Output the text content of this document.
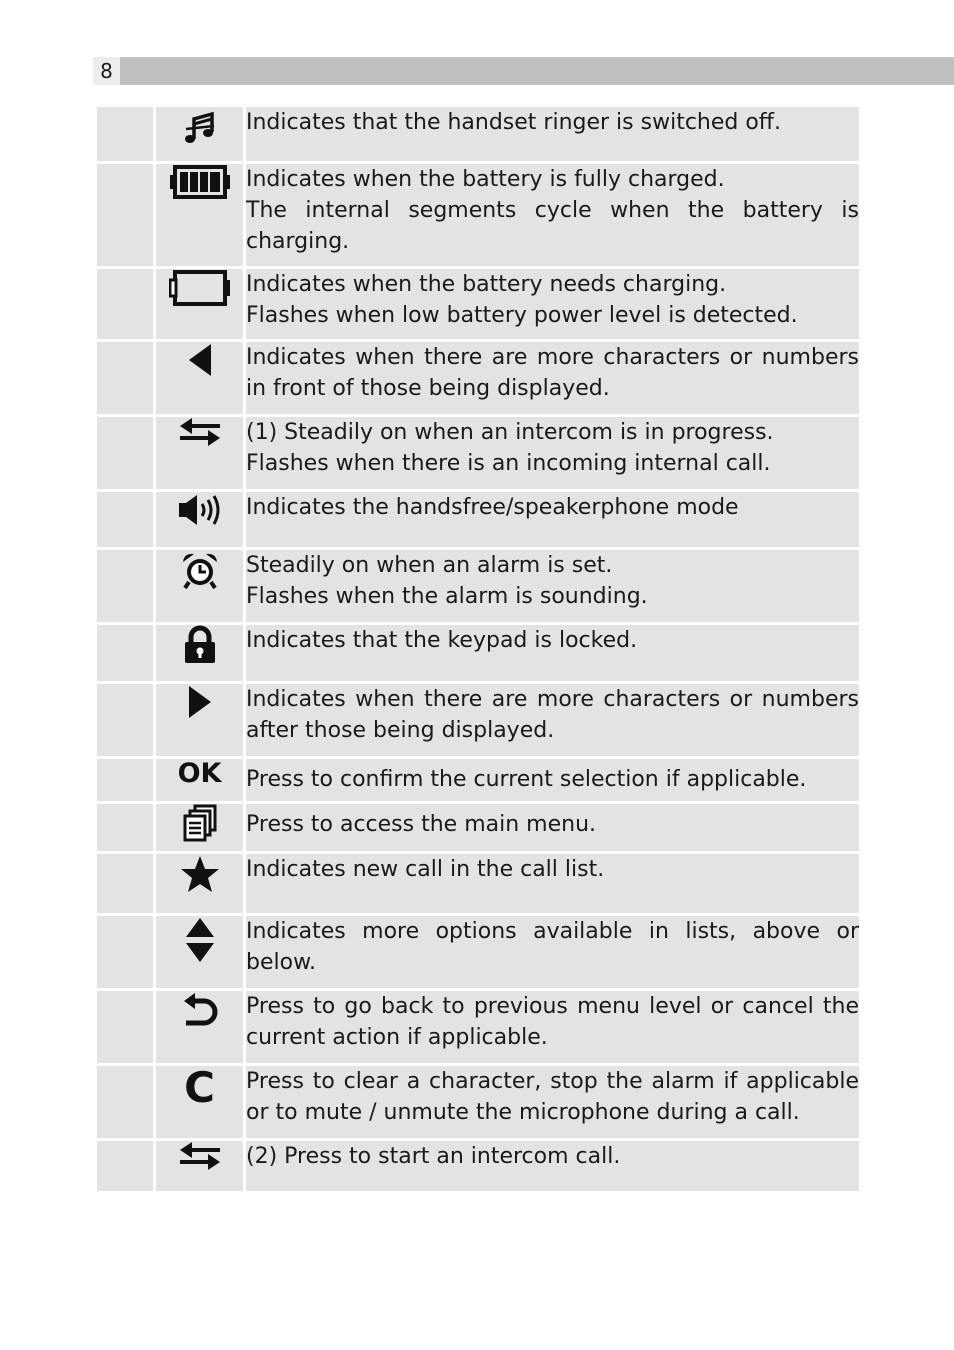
8

Indicates that the handset ringer is switched off.

Indicates when the battery is fully charged.
The internal segments cycle when the battery is charging.

Indicates when the battery needs charging.
Flashes when low battery power level is detected.

Indicates when there are more characters or numbers in front of those being displayed.

(1) Steadily on when an intercom is in progress.
Flashes when there is an incoming internal call.

Indicates the handsfree/speakerphone mode

Steadily on when an alarm is set.
Flashes when the alarm is sounding.

Indicates that the keypad is locked.

Indicates when there are more characters or numbers after those being displayed.

	OK	Press to confirm the current selection if applicable.

Press to access the main menu.

Indicates new call in the call list.

Indicates more options available in lists, above or below.

Press to go back to previous menu level or cancel the current action if applicable.

	C	Press to clear a character, stop the alarm if applicable or to mute / unmute the microphone during a call.

(2) Press to start an intercom call.
